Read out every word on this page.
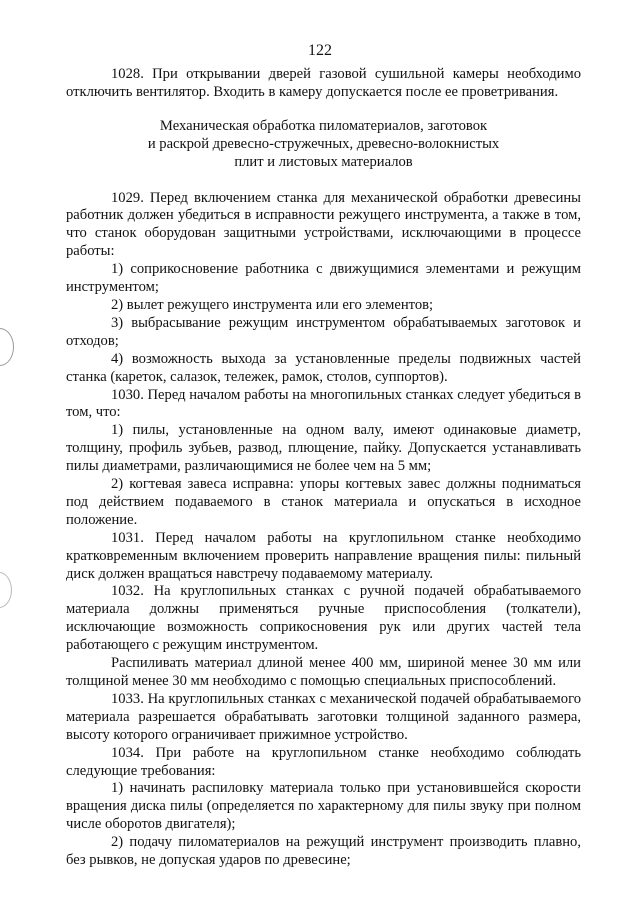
122

1028. При открывании дверей газовой сушильной камеры необходимо отключить вентилятор. Входить в камеру допускается после ее проветривания.

Механическая обработка пиломатериалов, заготовок
и раскрой древесно-стружечных, древесно-волокнистых
плит и листовых материалов

1029. Перед включением станка для механической обработки древесины работник должен убедиться в исправности режущего инструмента, а также в том, что станок оборудован защитными устройствами, исключающими в процессе работы:

1) соприкосновение работника с движущимися элементами и режущим инструментом;

2) вылет режущего инструмента или его элементов;

3) выбрасывание режущим инструментом обрабатываемых заготовок и отходов;

4) возможность выхода за установленные пределы подвижных частей станка (кареток, салазок, тележек, рамок, столов, суппортов).

1030. Перед началом работы на многопильных станках следует убедиться в том, что:

1) пилы, установленные на одном валу, имеют одинаковые диаметр, толщину, профиль зубьев, развод, плющение, пайку. Допускается устанавливать пилы диаметрами, различающимися не более чем на 5 мм;

2) когтевая завеса исправна: упоры когтевых завес должны подниматься под действием подаваемого в станок материала и опускаться в исходное положение.

1031. Перед началом работы на круглопильном станке необходимо кратковременным включением проверить направление вращения пилы: пильный диск должен вращаться навстречу подаваемому материалу.

1032. На круглопильных станках с ручной подачей обрабатываемого материала должны применяться ручные приспособления (толкатели), исключающие возможность соприкосновения рук или других частей тела работающего с режущим инструментом.

Распиливать материал длиной менее 400 мм, шириной менее 30 мм или толщиной менее 30 мм необходимо с помощью специальных приспособлений.

1033. На круглопильных станках с механической подачей обрабатываемого материала разрешается обрабатывать заготовки толщиной заданного размера, высоту которого ограничивает прижимное устройство.

1034. При работе на круглопильном станке необходимо соблюдать следующие требования:

1) начинать распиловку материала только при установившейся скорости вращения диска пилы (определяется по характерному для пилы звуку при полном числе оборотов двигателя);

2) подачу пиломатериалов на режущий инструмент производить плавно, без рывков, не допуская ударов по древесине;
